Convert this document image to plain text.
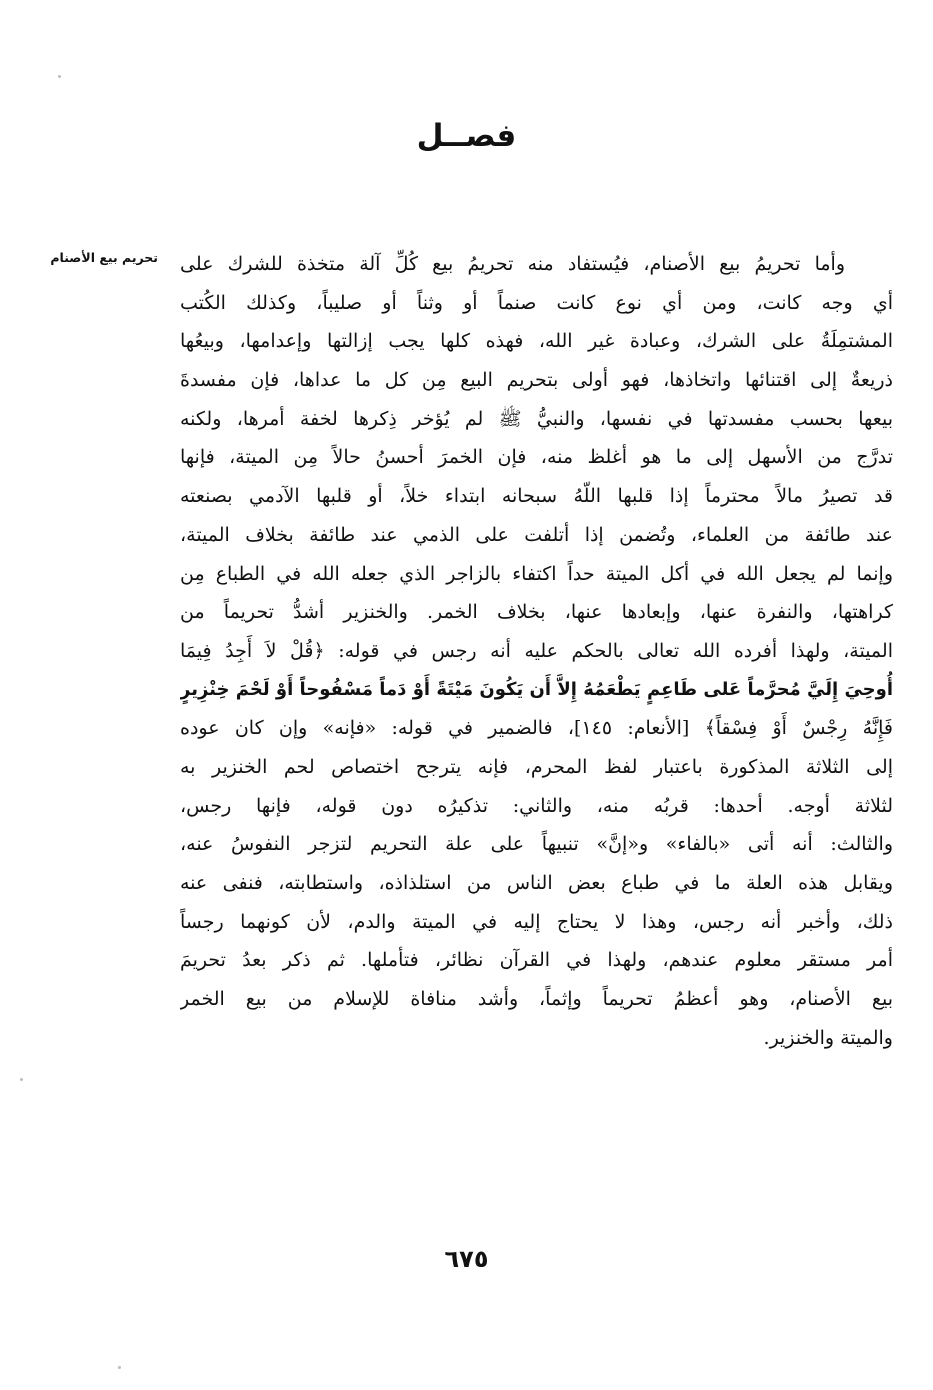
فصــل
تحريم بيع الأصنام وأما تحريمُ بيع الأصنام، فيُستفاد منه تحريمُ بيع كُلِّ آلة متخذة للشرك على
أي وجه كانت، ومن أي نوع كانت صنماً أو وثناً أو صليباً، وكذلك الكُتب
المشتمِلَةُ على الشرك، وعبادة غير الله، فهذه كلها يجب إزالتها وإعدامها، وبيعُها
ذريعةٌ إلى اقتنائها واتخاذها، فهو أولى بتحريم البيع مِن كل ما عداها، فإن مفسدةَ
بيعها بحسب مفسدتها في نفسها، والنبيُّ ﷺ لم يُؤخر ذِكرها لخفة أمرها، ولكنه
تدرَّج من الأسهل إلى ما هو أغلظ منه، فإن الخمرَ أحسنُ حالاً مِن الميتة، فإنها
قد تصيرُ مالاً محترماً إذا قلبها اللّهُ سبحانه ابتداء خلاً، أو قلبها الآدمي بصنعته
عند طائفة من العلماء، وتُضمن إذا أتلفت على الذمي عند طائفة بخلاف الميتة،
وإنما لم يجعل الله في أكل الميتة حداً اكتفاء بالزاجر الذي جعله الله في الطباع مِن
كراهتها، والنفرة عنها، وإبعادها عنها، بخلاف الخمر. والخنزير أشدُّ تحريماً من
الميتة، ولهذا أفرده الله تعالى بالحكم عليه أنه رجس في قوله: ﴿قُلْ لاَ أَجِدُ فِيمَا
أُوحِيَ إِلَيَّ مُحرَّماً عَلى طَاعِمٍ يَطْعَمُهُ إِلاَّ أَن يَكُونَ مَيْتَةً أَوْ دَماً مَسْفُوحاً أَوْ لَحْمَ خِنْزِيرٍ
فَإِنَّهُ رِجْسٌ أَوْ فِسْقاً﴾ [الأنعام: ١٤٥]، فالضمير في قوله: «فإنه» وإن كان عوده
إلى الثلاثة المذكورة باعتبار لفظ المحرم، فإنه يترجح اختصاص لحم الخنزير به
لثلاثة أوجه. أحدها: قربُه منه، والثاني: تذكيرُه دون قوله، فإنها رجس،
والثالث: أنه أتى «بالفاء» و«إنَّ» تنبيهاً على علة التحريم لتزجر النفوسُ عنه،
ويقابل هذه العلة ما في طباع بعض الناس من استلذاذه، واستطابته، فنفى عنه
ذلك، وأخبر أنه رجس، وهذا لا يحتاج إليه في الميتة والدم، لأن كونهما رجساً
أمر مستقر معلوم عندهم، ولهذا في القرآن نظائر، فتأملها. ثم ذكر بعدُ تحريمَ
بيع الأصنام، وهو أعظمُ تحريماً وإثماً، وأشد منافاة للإسلام من بيع الخمر
والميتة والخنزير.
٦٧٥
